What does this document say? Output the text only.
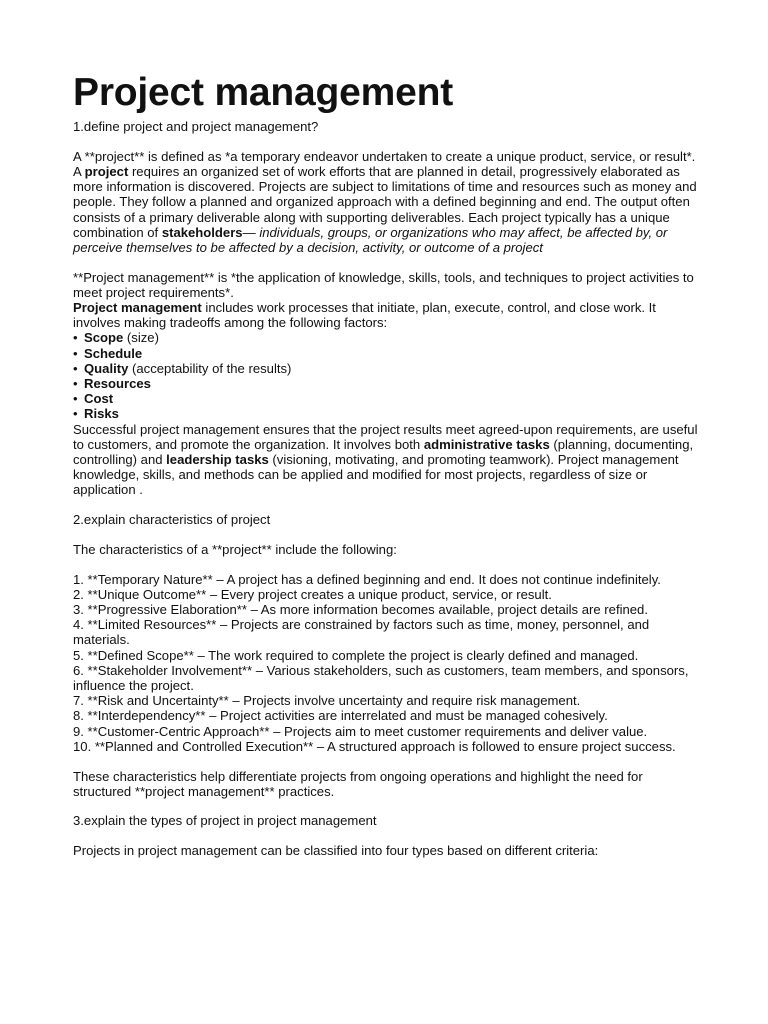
Project management

1.define project and project management?

A **project** is defined as *a temporary endeavor undertaken to create a unique product, service, or result*.

A project requires an organized set of work efforts that are planned in detail, progressively elaborated as more information is discovered. Projects are subject to limitations of time and resources such as money and people. They follow a planned and organized approach with a defined beginning and end. The output often consists of a primary deliverable along with supporting deliverables. Each project typically has a unique combination of stakeholders— individuals, groups, or organizations who may affect, be affected by, or perceive themselves to be affected by a decision, activity, or outcome of a project

**Project management** is *the application of knowledge, skills, tools, and techniques to project activities to meet project requirements*.

Project management includes work processes that initiate, plan, execute, control, and close work. It involves making tradeoffs among the following factors:

• Scope (size)
• Schedule
• Quality (acceptability of the results)
• Resources
• Cost
• Risks

Successful project management ensures that the project results meet agreed-upon requirements, are useful to customers, and promote the organization. It involves both administrative tasks (planning, documenting, controlling) and leadership tasks (visioning, motivating, and promoting teamwork). Project management knowledge, skills, and methods can be applied and modified for most projects, regardless of size or application .

2.explain characteristics of project

The characteristics of a **project** include the following:

1. **Temporary Nature** – A project has a defined beginning and end. It does not continue indefinitely.
2. **Unique Outcome** – Every project creates a unique product, service, or result.
3. **Progressive Elaboration** – As more information becomes available, project details are refined.
4. **Limited Resources** – Projects are constrained by factors such as time, money, personnel, and materials.
5. **Defined Scope** – The work required to complete the project is clearly defined and managed.
6. **Stakeholder Involvement** – Various stakeholders, such as customers, team members, and sponsors, influence the project.
7. **Risk and Uncertainty** – Projects involve uncertainty and require risk management.
8. **Interdependency** – Project activities are interrelated and must be managed cohesively.
9. **Customer-Centric Approach** – Projects aim to meet customer requirements and deliver value.
10. **Planned and Controlled Execution** – A structured approach is followed to ensure project success.

These characteristics help differentiate projects from ongoing operations and highlight the need for structured **project management** practices.

3.explain the types of project in project management

Projects in project management can be classified into four types based on different criteria:
